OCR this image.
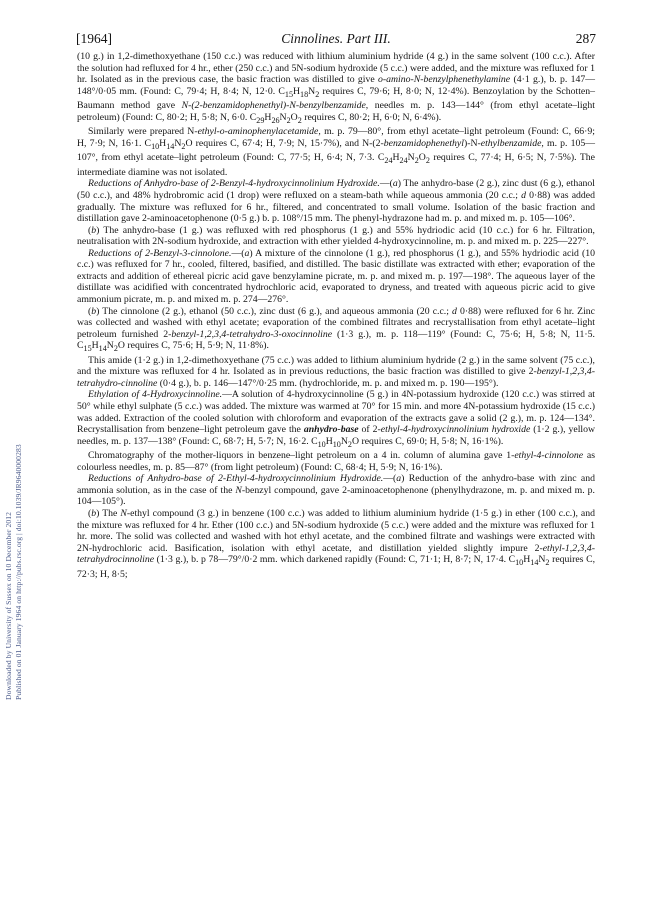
Downloaded by University of Sussex on 10 December 2012 Published on 01 January 1964 on http://pubs.rsc.org | doi:10.1039/JR9640000283
[1964]	Cinnolines. Part III.	287

(10 g.) in 1,2-dimethoxyethane (150 c.c.) was reduced with lithium aluminium hydride (4 g.) in the same solvent (100 c.c.). After the solution had refluxed for 4 hr., ether (250 c.c.) and 5N-sodium hydroxide (5 c.c.) were added, and the mixture was refluxed for 1 hr. Isolated as in the previous case, the basic fraction was distilled to give o-amino-N-benzylphenethylamine (4·1 g.), b. p. 147—148°/0·05 mm. (Found: C, 79·4; H, 8·4; N, 12·0. $C_{15}H_{18}N_2$ requires C, 79·6; H, 8·0; N, 12·4%). Benzoylation by the Schotten–Baumann method gave N-(2-benzamidophenethyl)-N-benzylbenzamide, needles m. p. 143—144° (from ethyl acetate–light petroleum) (Found: C, 80·2; H, 5·8; N, 6·0. $C_{29}H_{26}N_2O_2$ requires C, 80·2; H, 6·0; N, 6·4%).

Similarly were prepared N-ethyl-o-aminophenylacetamide, m. p. 79—80°, from ethyl acetate–light petroleum (Found: C, 66·9; H, 7·9; N, 16·1. $C_{10}H_{14}N_2O$ requires C, 67·4; H, 7·9; N, 15·7%), and N-(2-benzamidophenethyl)-N-ethylbenzamide, m. p. 105—107°, from ethyl acetate–light petroleum (Found: C, 77·5; H, 6·4; N, 7·3. $C_{24}H_{24}N_2O_2$ requires C, 77·4; H, 6·5; N, 7·5%). The intermediate diamine was not isolated.

Reductions of Anhydro-base of 2-Benzyl-4-hydroxycinnolinium Hydroxide.—(a) The anhydro-base (2 g.), zinc dust (6 g.), ethanol (50 c.c.), and 48% hydrobromic acid (1 drop) were refluxed on a steam-bath while aqueous ammonia (20 c.c.; d 0·88) was added gradually. The mixture was refluxed for 6 hr., filtered, and concentrated to small volume. Isolation of the basic fraction and distillation gave 2-aminoacetophenone (0·5 g.) b. p. 108°/15 mm. The phenyl-hydrazone had m. p. and mixed m. p. 105—106°.

(b) The anhydro-base (1 g.) was refluxed with red phosphorus (1 g.) and 55% hydriodic acid (10 c.c.) for 6 hr. Filtration, neutralisation with 2N-sodium hydroxide, and extraction with ether yielded 4-hydroxycinnoline, m. p. and mixed m. p. 225—227°.

Reductions of 2-Benzyl-3-cinnolone.—(a) A mixture of the cinnolone (1 g.), red phosphorus (1 g.), and 55% hydriodic acid (10 c.c.) was refluxed for 7 hr., cooled, filtered, basified, and distilled. The basic distillate was extracted with ether; evaporation of the extracts and addition of ethereal picric acid gave benzylamine picrate, m. p. and mixed m. p. 197—198°. The aqueous layer of the distillate was acidified with concentrated hydrochloric acid, evaporated to dryness, and treated with aqueous picric acid to give ammonium picrate, m. p. and mixed m. p. 274—276°.

(b) The cinnolone (2 g.), ethanol (50 c.c.), zinc dust (6 g.), and aqueous ammonia (20 c.c.; d 0·88) were refluxed for 6 hr. Zinc was collected and washed with ethyl acetate; evaporation of the combined filtrates and recrystallisation from ethyl acetate–light petroleum furnished 2-benzyl-1,2,3,4-tetrahydro-3-oxocinnoline (1·3 g.), m. p. 118—119° (Found: C, 75·6; H, 5·8; N, 11·5. $C_{15}H_{14}N_2O$ requires C, 75·6; H, 5·9; N, 11·8%).

This amide (1·2 g.) in 1,2-dimethoxyethane (75 c.c.) was added to lithium aluminium hydride (2 g.) in the same solvent (75 c.c.), and the mixture was refluxed for 4 hr. Isolated as in previous reductions, the basic fraction was distilled to give 2-benzyl-1,2,3,4-tetrahydro-cinnoline (0·4 g.), b. p. 146—147°/0·25 mm. (hydrochloride, m. p. and mixed m. p. 190—195°).

Ethylation of 4-Hydroxycinnoline.—A solution of 4-hydroxycinnoline (5 g.) in 4N-potassium hydroxide (120 c.c.) was stirred at 50° while ethyl sulphate (5 c.c.) was added. The mixture was warmed at 70° for 15 min. and more 4N-potassium hydroxide (15 c.c.) was added. Extraction of the cooled solution with chloroform and evaporation of the extracts gave a solid (2 g.), m. p. 124—134°. Recrystallisation from benzene–light petroleum gave the anhydro-base of 2-ethyl-4-hydroxycinnolinium hydroxide (1·2 g.), yellow needles, m. p. 137—138° (Found: C, 68·7; H, 5·7; N, 16·2. $C_{10}H_{10}N_2O$ requires C, 69·0; H, 5·8; N, 16·1%).

Chromatography of the mother-liquors in benzene–light petroleum on a 4 in. column of alumina gave 1-ethyl-4-cinnolone as colourless needles, m. p. 85—87° (from light petroleum) (Found: C, 68·4; H, 5·9; N, 16·1%).

Reductions of Anhydro-base of 2-Ethyl-4-hydroxycinnolinium Hydroxide.—(a) Reduction of the anhydro-base with zinc and ammonia solution, as in the case of the N-benzyl compound, gave 2-aminoacetophenone (phenylhydrazone, m. p. and mixed m. p. 104—105°).

(b) The N-ethyl compound (3 g.) in benzene (100 c.c.) was added to lithium aluminium hydride (1·5 g.) in ether (100 c.c.), and the mixture was refluxed for 4 hr. Ether (100 c.c.) and 5N-sodium hydroxide (5 c.c.) were added and the mixture was refluxed for 1 hr. more. The solid was collected and washed with hot ethyl acetate, and the combined filtrate and washings were extracted with 2N-hydrochloric acid. Basification, isolation with ethyl acetate, and distillation yielded slightly impure 2-ethyl-1,2,3,4-tetrahydrocinnoline (1·3 g.), b. p 78—79°/0·2 mm. which darkened rapidly (Found: C, 71·1; H, 8·7; N, 17·4. $C_{10}H_{14}N_2$ requires C, 72·3; H, 8·5;
